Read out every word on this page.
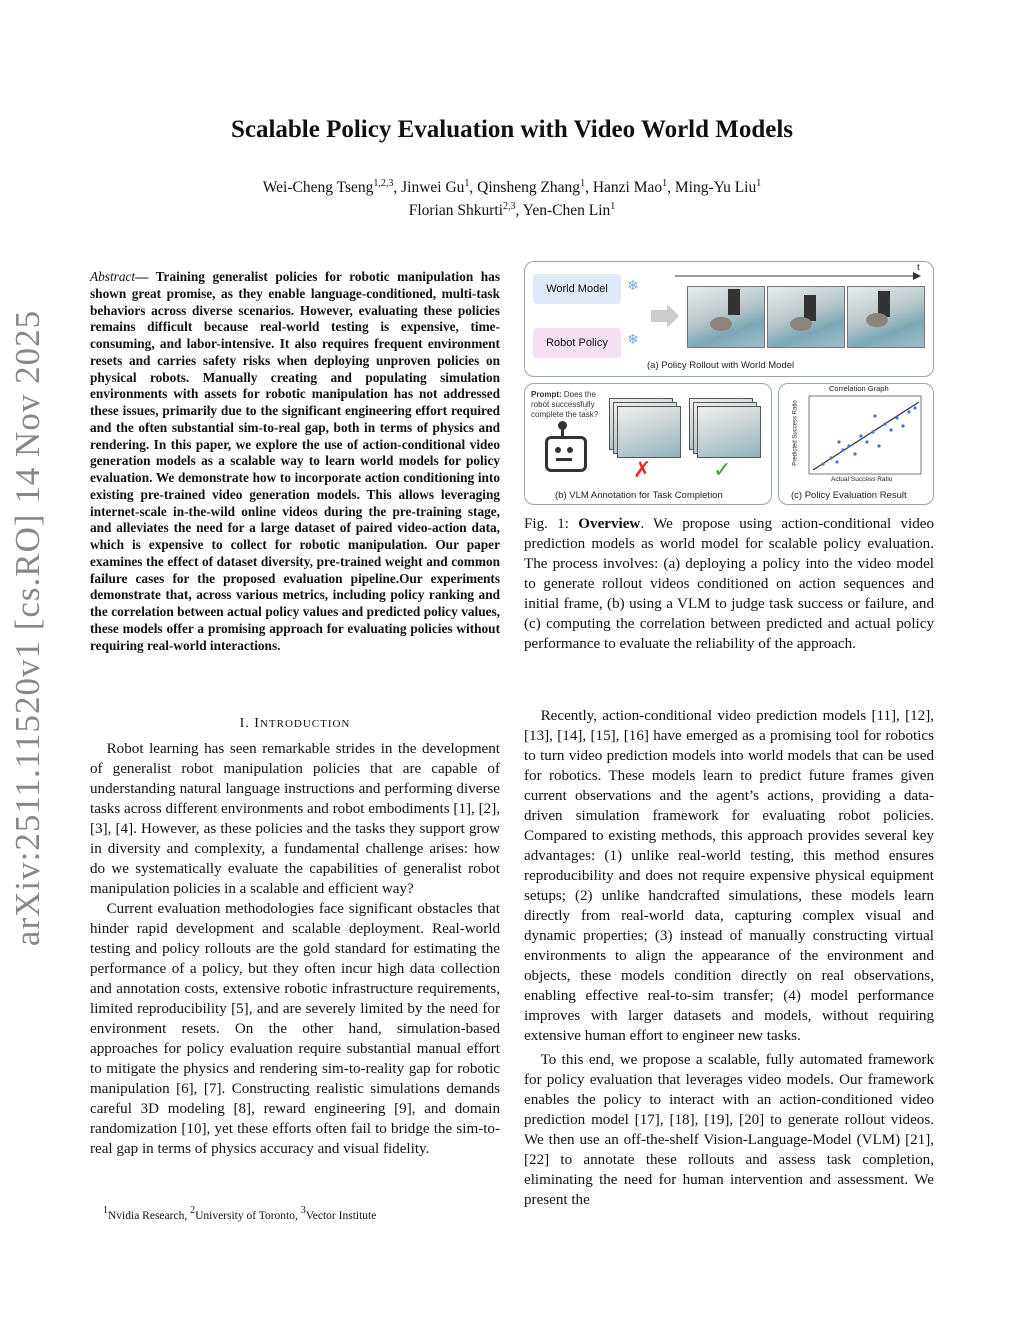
arXiv:2511.11520v1 [cs.RO] 14 Nov 2025
Scalable Policy Evaluation with Video World Models
Wei-Cheng Tseng$^{1,2,3}$, Jinwei Gu$^1$, Qinsheng Zhang$^1$, Hanzi Mao$^1$, Ming-Yu Liu$^1$
Florian Shkurti$^{2,3}$, Yen-Chen Lin$^1$

Abstract— Training generalist policies for robotic manipulation has shown great promise, as they enable language-conditioned, multi-task behaviors across diverse scenarios. However, evaluating these policies remains difficult because real-world testing is expensive, time-consuming, and labor-intensive. It also requires frequent environment resets and carries safety risks when deploying unproven policies on physical robots. Manually creating and populating simulation environments with assets for robotic manipulation has not addressed these issues, primarily due to the significant engineering effort required and the often substantial sim-to-real gap, both in terms of physics and rendering. In this paper, we explore the use of action-conditional video generation models as a scalable way to learn world models for policy evaluation. We demonstrate how to incorporate action conditioning into existing pre-trained video generation models. This allows leveraging internet-scale in-the-wild online videos during the pre-training stage, and alleviates the need for a large dataset of paired video-action data, which is expensive to collect for robotic manipulation. Our paper examines the effect of dataset diversity, pre-trained weight and common failure cases for the proposed evaluation pipeline.Our experiments demonstrate that, across various metrics, including policy ranking and the correlation between actual policy values and predicted policy values, these models offer a promising approach for evaluating policies without requiring real-world interactions.

I. INTRODUCTION

Robot learning has seen remarkable strides in the development of generalist robot manipulation policies that are capable of understanding natural language instructions and performing diverse tasks across different environments and robot embodiments [1], [2], [3], [4]. However, as these policies and the tasks they support grow in diversity and complexity, a fundamental challenge arises: how do we systematically evaluate the capabilities of generalist robot manipulation policies in a scalable and efficient way?

Current evaluation methodologies face significant obstacles that hinder rapid development and scalable deployment. Real-world testing and policy rollouts are the gold standard for estimating the performance of a policy, but they often incur high data collection and annotation costs, extensive robotic infrastructure requirements, limited reproducibility [5], and are severely limited by the need for environment resets. On the other hand, simulation-based approaches for policy evaluation require substantial manual effort to mitigate the physics and rendering sim-to-reality gap for robotic manipulation [6], [7]. Constructing realistic simulations demands careful 3D modeling [8], reward engineering [9], and domain randomization [10], yet these efforts often fail to bridge the sim-to-real gap in terms of physics accuracy and visual fidelity.

$^1$Nvidia Research, $^2$University of Toronto, $^3$Vector Institute
World Model	❄
Robot Policy	❄
t
(a) Policy Rollout with World Model
Prompt: Does the robot successfully complete the task?
✗	✓
(b) VLM Annotation for Task Completion
Correlation Graph
Actual Success Ratio
Predicted Success Ratio
(c) Policy Evaluation Result

Fig. 1: Overview. We propose using action-conditional video prediction models as world model for scalable policy evaluation. The process involves: (a) deploying a policy into the video model to generate rollout videos conditioned on action sequences and initial frame, (b) using a VLM to judge task success or failure, and (c) computing the correlation between predicted and actual policy performance to evaluate the reliability of the approach.

Recently, action-conditional video prediction models [11], [12], [13], [14], [15], [16] have emerged as a promising tool for robotics to turn video prediction models into world models that can be used for robotics. These models learn to predict future frames given current observations and the agent’s actions, providing a data-driven simulation framework for evaluating robot policies. Compared to existing methods, this approach provides several key advantages: (1) unlike real-world testing, this method ensures reproducibility and does not require expensive physical equipment setups; (2) unlike handcrafted simulations, these models learn directly from real-world data, capturing complex visual and dynamic properties; (3) instead of manually constructing virtual environments to align the appearance of the environment and objects, these models condition directly on real observations, enabling effective real-to-sim transfer; (4) model performance improves with larger datasets and models, without requiring extensive human effort to engineer new tasks.

To this end, we propose a scalable, fully automated framework for policy evaluation that leverages video models. Our framework enables the policy to interact with an action-conditioned video prediction model [17], [18], [19], [20] to generate rollout videos. We then use an off-the-shelf Vision-Language-Model (VLM) [21], [22] to annotate these rollouts and assess task completion, eliminating the need for human intervention and assessment. We present the
